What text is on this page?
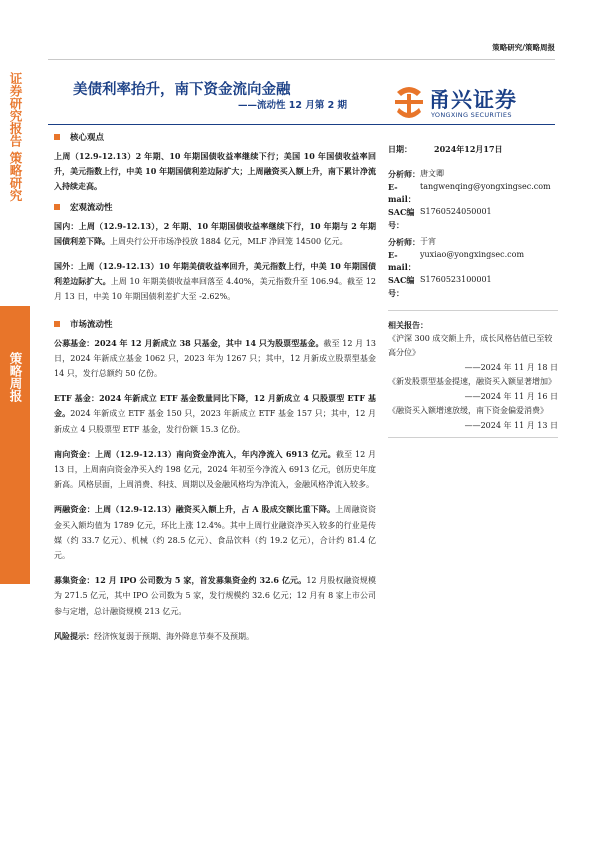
证券研究报告 策略研究
策略周报
策略研究/策略周报
美债利率抬升，南下资金流向金融
——流动性 12 月第 2 期	甬兴证券
YONGXING SECURITIES
核心观点
上周（12.9-12.13）2 年期、10 年期国债收益率继续下行；美国 10 年国债收益率回升，美元指数上行，中美 10 年期国债利差边际扩大；上周融资买入额上升，南下累计净流入持续走高。
宏观流动性
国内：上周（12.9-12.13），2 年期、10 年期国债收益率继续下行，10 年期与 2 年期国债利差下降。上周央行公开市场净投放 1884 亿元，MLF 净回笼 14500 亿元。
国外：上周（12.9-12.13）10 年期美债收益率回升，美元指数上行，中美 10 年期国债利差边际扩大。上周 10 年期美债收益率回落至 4.40%，美元指数升至 106.94。截至 12 月 13 日，中美 10 年期国债利差扩大至 -2.62%。
市场流动性
公募基金：2024 年 12 月新成立 38 只基金，其中 14 只为股票型基金。截至 12 月 13 日，2024 年新成立基金 1062 只，2023 年为 1267 只；其中，12 月新成立股票型基金 14 只，发行总额约 50 亿份。
ETF 基金：2024 年新成立 ETF 基金数量同比下降，12 月新成立 4 只股票型 ETF 基金。2024 年新成立 ETF 基金 150 只，2023 年新成立 ETF 基金 157 只；其中，12 月新成立 4 只股票型 ETF 基金，发行份额 15.3 亿份。
南向资金：上周（12.9-12.13）南向资金净流入，年内净流入 6913 亿元。截至 12 月 13 日，上周南向资金净买入约 198 亿元，2024 年初至今净流入 6913 亿元，创历史年度新高。风格层面，上周消费、科技、周期以及金融风格均为净流入，金融风格净流入较多。
两融资金：上周（12.9-12.13）融资买入额上升，占 A 股成交额比重下降。上周融资资金买入额均值为 1789 亿元，环比上涨 12.4%。其中上周行业融资净买入较多的行业是传媒（约 33.7 亿元）、机械（约 28.5 亿元）、食品饮料（约 19.2 亿元），合计约 81.4 亿元。
募集资金：12 月 IPO 公司数为 5 家，首发募集资金约 32.6 亿元。12 月股权融资规模为 271.5 亿元，其中 IPO 公司数为 5 家，发行规模约 32.6 亿元；12 月有 8 家上市公司参与定增，总计融资规模 213 亿元。
风险提示：经济恢复弱于预期、海外降息节奏不及预期。
日期：	2024年12月17日
分析师： 唐文卿
E-mail：
tangwenqing@yongxingsec.com
SAC编号：
S1760524050001
分析师： 于宵
E-mail：
yuxiao@yongxingsec.com
SAC编号：
S1760523100001
相关报告：
《沪深 300 成交额上升，成长风格估值已至较高分位》
——2024 年 11 月 18 日
《新发股票型基金提速，融资买入额显著增加》
——2024 年 11 月 16 日
《融资买入额增速放缓，南下资金偏爱消费》
——2024 年 11 月 13 日
